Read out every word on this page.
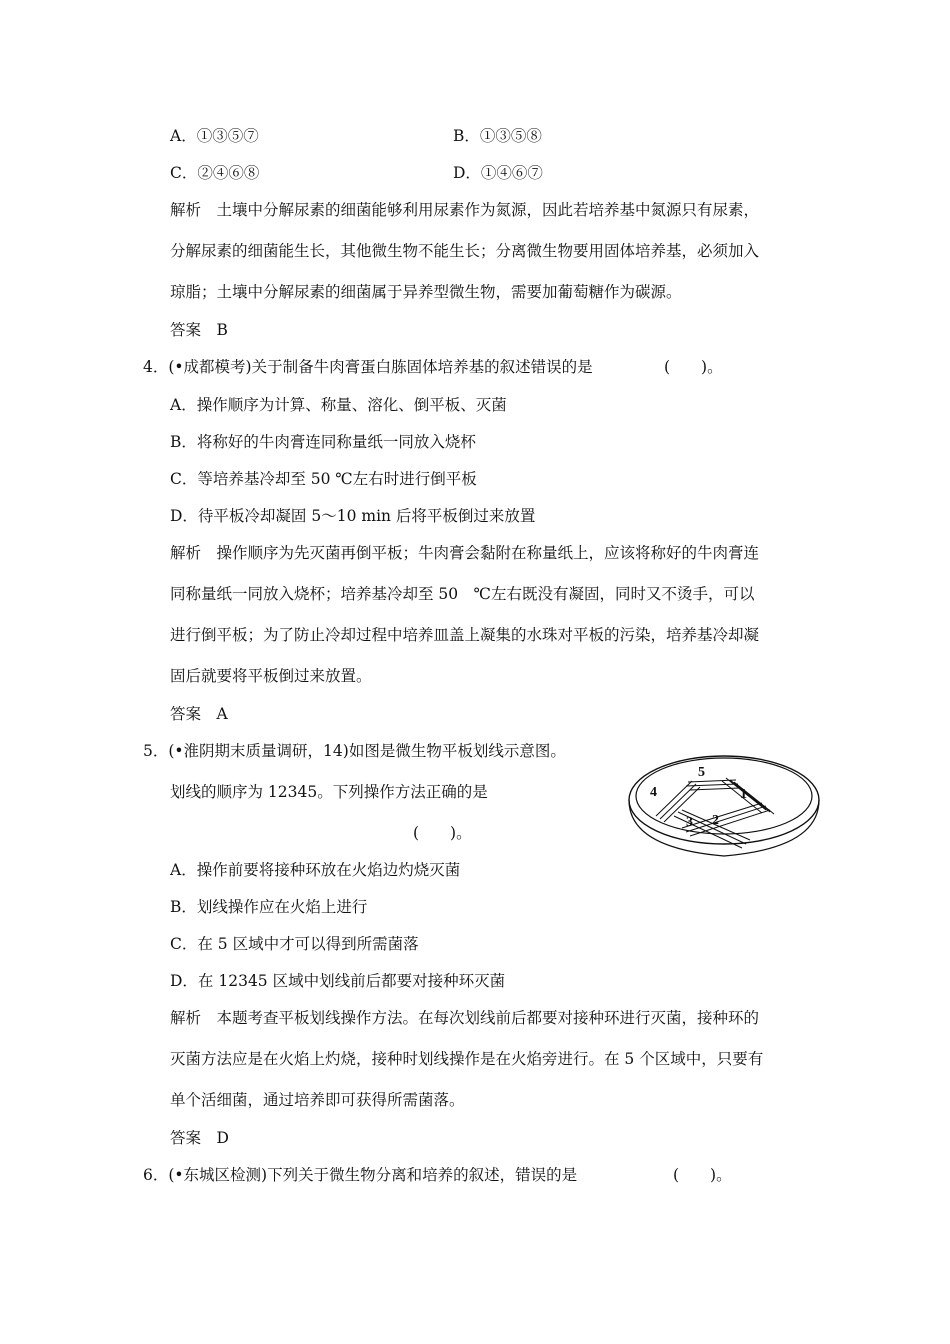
A．①③⑤⑦	B．①③⑤⑧
C．②④⑥⑧	D．①④⑥⑦
解析　土壤中分解尿素的细菌能够利用尿素作为氮源，因此若培养基中氮源只有尿素，
分解尿素的细菌能生长，其他微生物不能生长；分离微生物要用固体培养基，必须加入
琼脂；土壤中分解尿素的细菌属于异养型微生物，需要加葡萄糖作为碳源。
答案　B
4．(•成都模考)关于制备牛肉膏蛋白胨固体培养基的叙述错误的是	(　　)。
A．操作顺序为计算、称量、溶化、倒平板、灭菌
B．将称好的牛肉膏连同称量纸一同放入烧杯
C．等培养基冷却至 50 ℃左右时进行倒平板
D．待平板冷却凝固 5～10 min 后将平板倒过来放置
解析　操作顺序为先灭菌再倒平板；牛肉膏会黏附在称量纸上，应该将称好的牛肉膏连
同称量纸一同放入烧杯；培养基冷却至 50　℃左右既没有凝固，同时又不烫手，可以
进行倒平板；为了防止冷却过程中培养皿盖上凝集的水珠对平板的污染，培养基冷却凝
固后就要将平板倒过来放置。
答案　A
5．(•淮阴期末质量调研，14)如图是微生物平板划线示意图。
划线的顺序为 12345。下列操作方法正确的是
(　　)。
5
4	1
3 2
A．操作前要将接种环放在火焰边灼烧灭菌
B．划线操作应在火焰上进行
C．在 5 区域中才可以得到所需菌落
D．在 12345 区域中划线前后都要对接种环灭菌
解析　本题考查平板划线操作方法。在每次划线前后都要对接种环进行灭菌，接种环的
灭菌方法应是在火焰上灼烧，接种时划线操作是在火焰旁进行。在 5 个区域中，只要有
单个活细菌，通过培养即可获得所需菌落。
答案　D
6．(•东城区检测)下列关于微生物分离和培养的叙述，错误的是	(　　)。
